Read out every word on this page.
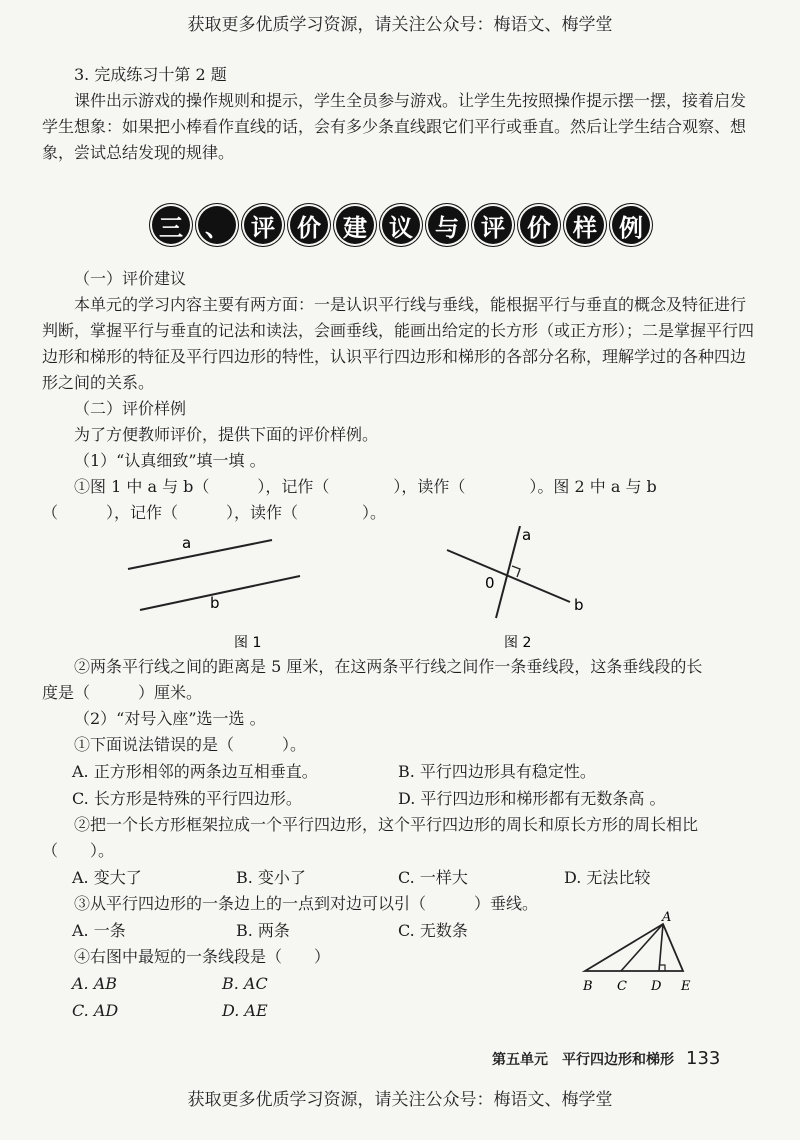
获取更多优质学习资源，请关注公众号：梅语文、梅学堂

3. 完成练习十第 2 题

课件出示游戏的操作规则和提示，学生全员参与游戏。让学生先按照操作提示摆一摆，接着启发学生想象：如果把小棒看作直线的话，会有多少条直线跟它们平行或垂直。然后让学生结合观察、想象，尝试总结发现的规律。

三 、 评 价 建 议 与 评 价 样 例

（一）评价建议

本单元的学习内容主要有两方面：一是认识平行线与垂线，能根据平行与垂直的概念及特征进行判断，掌握平行与垂直的记法和读法，会画垂线，能画出给定的长方形（或正方形）；二是掌握平行四边形和梯形的特征及平行四边形的特性，认识平行四边形和梯形的各部分名称，理解学过的各种四边形之间的关系。

（二）评价样例

为了方便教师评价，提供下面的评价样例。

（1）“认真细致”填一填 。

①图 1 中 a 与 b（　　　），记作（　　　　），读作（　　　　）。图 2 中 a 与 b

（　　　），记作（　　　），读作（　　　　）。

a
b
图 1
a
0
b
图 2

②两条平行线之间的距离是 5 厘米，在这两条平行线之间作一条垂线段，这条垂线段的长

度是（　　　）厘米。

（2）“对号入座”选一选 。

①下面说法错误的是（　　　）。

A. 正方形相邻的两条边互相垂直。	B. 平行四边形具有稳定性。
C. 长方形是特殊的平行四边形。	D. 平行四边形和梯形都有无数条高 。

②把一个长方形框架拉成一个平行四边形，这个平行四边形的周长和原长方形的周长相比

（　　）。

A. 变大了	B. 变小了	C. 一样大	D. 无法比较

③从平行四边形的一条边上的一点到对边可以引（　　　）垂线。

A. 一条	B. 两条	C. 无数条

④右图中最短的一条线段是（　　）

A. AB	B. AC
C. AD	D. AE
A
B C D E
第五单元　平行四边形和梯形 133
获取更多优质学习资源，请关注公众号：梅语文、梅学堂
